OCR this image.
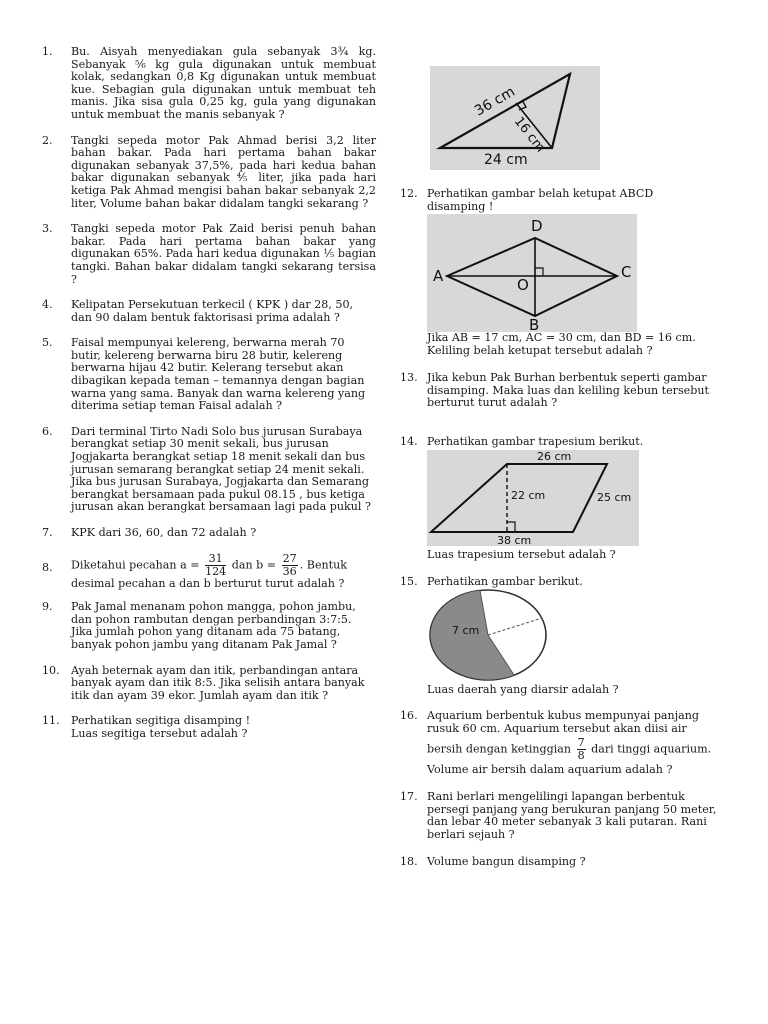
1. Bu. Aisyah menyediakan gula sebanyak 3¾ kg. Sebanyak ⁵⁄₆ kg gula digunakan untuk membuat kolak, sedangkan 0,8 Kg digunakan untuk membuat kue. Sebagian gula digunakan untuk membuat teh manis. Jika sisa gula 0,25 kg, gula yang digunakan untuk membuat the manis sebanyak ?
2. Tangki sepeda motor Pak Ahmad berisi 3,2 liter bahan bakar. Pada hari pertama bahan bakar digunakan sebanyak 37,5%, pada hari kedua bahan bakar digunakan sebanyak ⅘ liter, jika pada hari ketiga Pak Ahmad mengisi bahan bakar sebanyak 2,2 liter, Volume bahan bakar didalam tangki sekarang ?
3. Tangki sepeda motor Pak Zaid berisi penuh bahan bakar. Pada hari pertama bahan bakar yang digunakan 65%. Pada hari kedua digunakan ⅕ bagian tangki. Bahan bakar didalam tangki sekarang tersisa ?
4. Kelipatan Persekutuan terkecil ( KPK ) dar 28, 50, dan 90 dalam bentuk faktorisasi prima adalah ?
5. Faisal mempunyai kelereng, berwarna merah 70 butir, kelereng berwarna biru 28 butir, kelereng berwarna hijau 42 butir. Kelerang tersebut akan dibagikan kepada teman – temannya dengan bagian warna yang sama. Banyak dan warna kelereng yang diterima setiap teman Faisal adalah ?
6. Dari terminal Tirto Nadi Solo bus jurusan Surabaya berangkat setiap 30 menit sekali, bus jurusan Jogjakarta berangkat setiap 18 menit sekali dan bus jurusan semarang berangkat setiap 24 menit sekali. Jika bus jurusan Surabaya, Jogjakarta dan Semarang berangkat bersamaan pada pukul 08.15 , bus ketiga jurusan akan berangkat bersamaan lagi pada pukul ?
7. KPK dari 36, 60, dan 72 adalah ?
8. Diketahui pecahan $a = \frac{31}{124}$ dan $b = \frac{27}{36}$ . Bentuk
desimal pecahan a dan b berturut turut adalah ?
9. Pak Jamal menanam pohon mangga, pohon jambu, dan pohon rambutan dengan perbandingan 3:7:5. Jika jumlah pohon yang ditanam ada 75 batang, banyak pohon jambu yang ditanam Pak Jamal ?
10. Ayah beternak ayam dan itik, perbandingan antara banyak ayam dan itik 8:5. Jika selisih antara banyak itik dan ayam 39 ekor. Jumlah ayam dan itik ?
11. Perhatikan segitiga disamping ! Luas segitiga tersebut adalah ?
36 cm
16 cm
24 cm
12. Perhatikan gambar belah ketupat ABCD disamping !
D
A	C
O
B
Jika AB = 17 cm, AC = 30 cm, dan BD = 16 cm. Keliling belah ketupat tersebut adalah ?
13. Jika kebun Pak Burhan berbentuk seperti gambar disamping. Maka luas dan keliling kebun tersebut berturut turut adalah ?
14. Perhatikan gambar trapesium berikut.
26 cm
22 cm	25 cm
38 cm
Luas trapesium tersebut adalah ?
15. Perhatikan gambar berikut.
7 cm
Luas daerah yang diarsir adalah ?
16. Aquarium berbentuk kubus mempunyai panjang rusuk 60 cm. Aquarium tersebut akan diisi air
bersih dengan ketinggian $\frac{7}{8}$ dari tinggi aquarium.
Volume air bersih dalam aquarium adalah ?
17. Rani berlari mengelilingi lapangan berbentuk persegi panjang yang berukuran panjang 50 meter, dan lebar 40 meter sebanyak 3 kali putaran. Rani berlari sejauh ?
18. Volume bangun disamping ?
